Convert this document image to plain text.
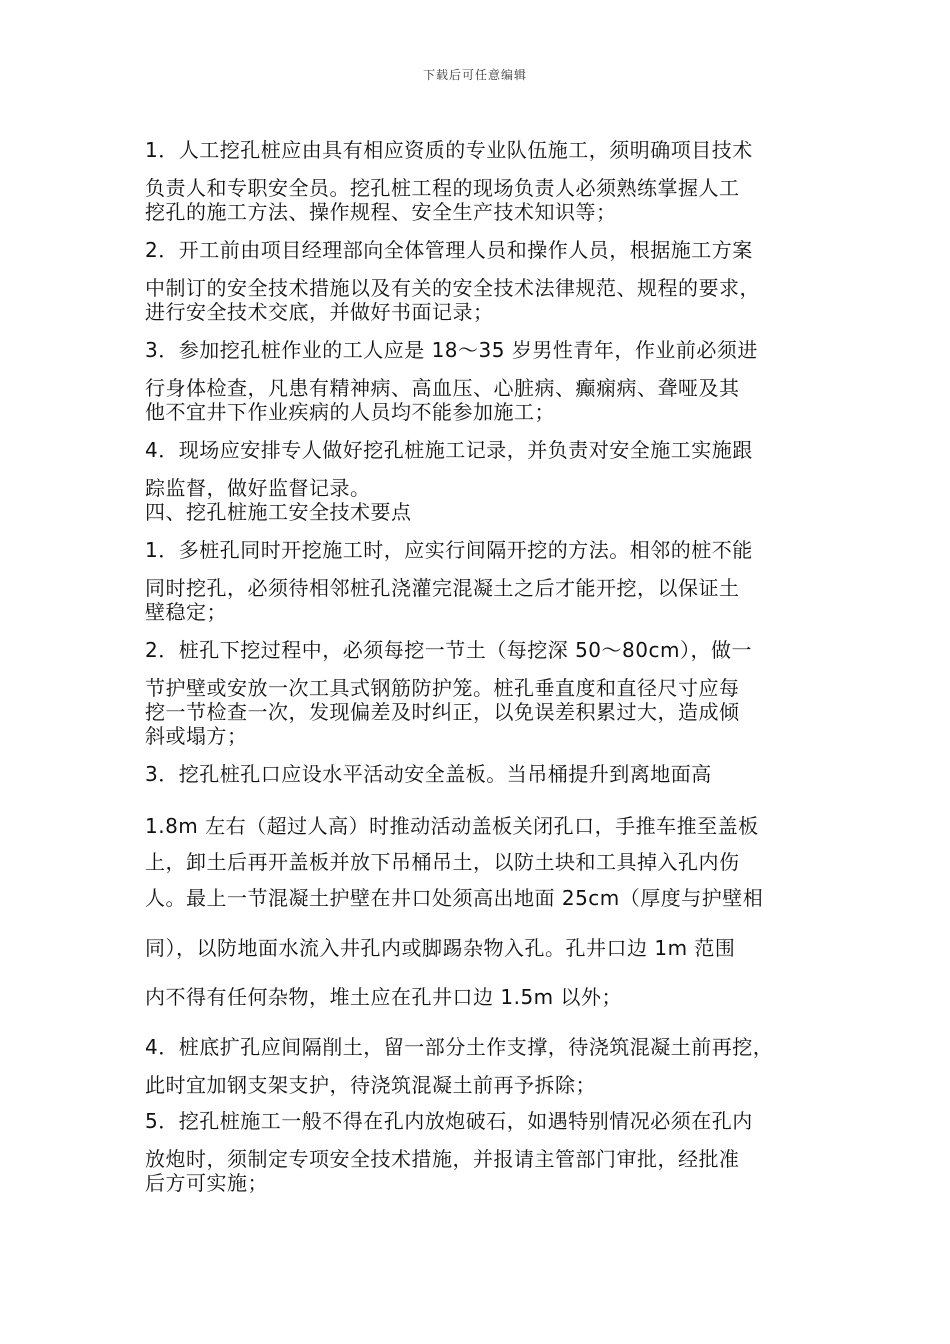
下载后可任意编辑
1．人工挖孔桩应由具有相应资质的专业队伍施工，须明确项目技术
负责人和专职安全员。挖孔桩工程的现场负责人必须熟练掌握人工
挖孔的施工方法、操作规程、安全生产技术知识等；
2．开工前由项目经理部向全体管理人员和操作人员，根据施工方案
中制订的安全技术措施以及有关的安全技术法律规范、规程的要求，
进行安全技术交底，并做好书面记录；
3．参加挖孔桩作业的工人应是 18～35 岁男性青年，作业前必须进
行身体检查，凡患有精神病、高血压、心脏病、癫痫病、聋哑及其
他不宜井下作业疾病的人员均不能参加施工；
4．现场应安排专人做好挖孔桩施工记录，并负责对安全施工实施跟
踪监督，做好监督记录。
四、挖孔桩施工安全技术要点
1．多桩孔同时开挖施工时，应实行间隔开挖的方法。相邻的桩不能
同时挖孔，必须待相邻桩孔浇灌完混凝土之后才能开挖，以保证土
壁稳定；
2．桩孔下挖过程中，必须每挖一节土（每挖深 50～80cm），做一
节护壁或安放一次工具式钢筋防护笼。桩孔垂直度和直径尺寸应每
挖一节检查一次，发现偏差及时纠正，以免误差积累过大，造成倾
斜或塌方；
3．挖孔桩孔口应设水平活动安全盖板。当吊桶提升到离地面高
1.8m 左右（超过人高）时推动活动盖板关闭孔口，手推车推至盖板
上，卸土后再开盖板并放下吊桶吊土，以防土块和工具掉入孔内伤
人。最上一节混凝土护壁在井口处须高出地面 25cm（厚度与护壁相
同），以防地面水流入井孔内或脚踢杂物入孔。孔井口边 1m 范围
内不得有任何杂物，堆土应在孔井口边 1.5m 以外；
4．桩底扩孔应间隔削土，留一部分土作支撑，待浇筑混凝土前再挖，
此时宜加钢支架支护，待浇筑混凝土前再予拆除；
5．挖孔桩施工一般不得在孔内放炮破石，如遇特别情况必须在孔内
放炮时，须制定专项安全技术措施，并报请主管部门审批，经批准
后方可实施；
